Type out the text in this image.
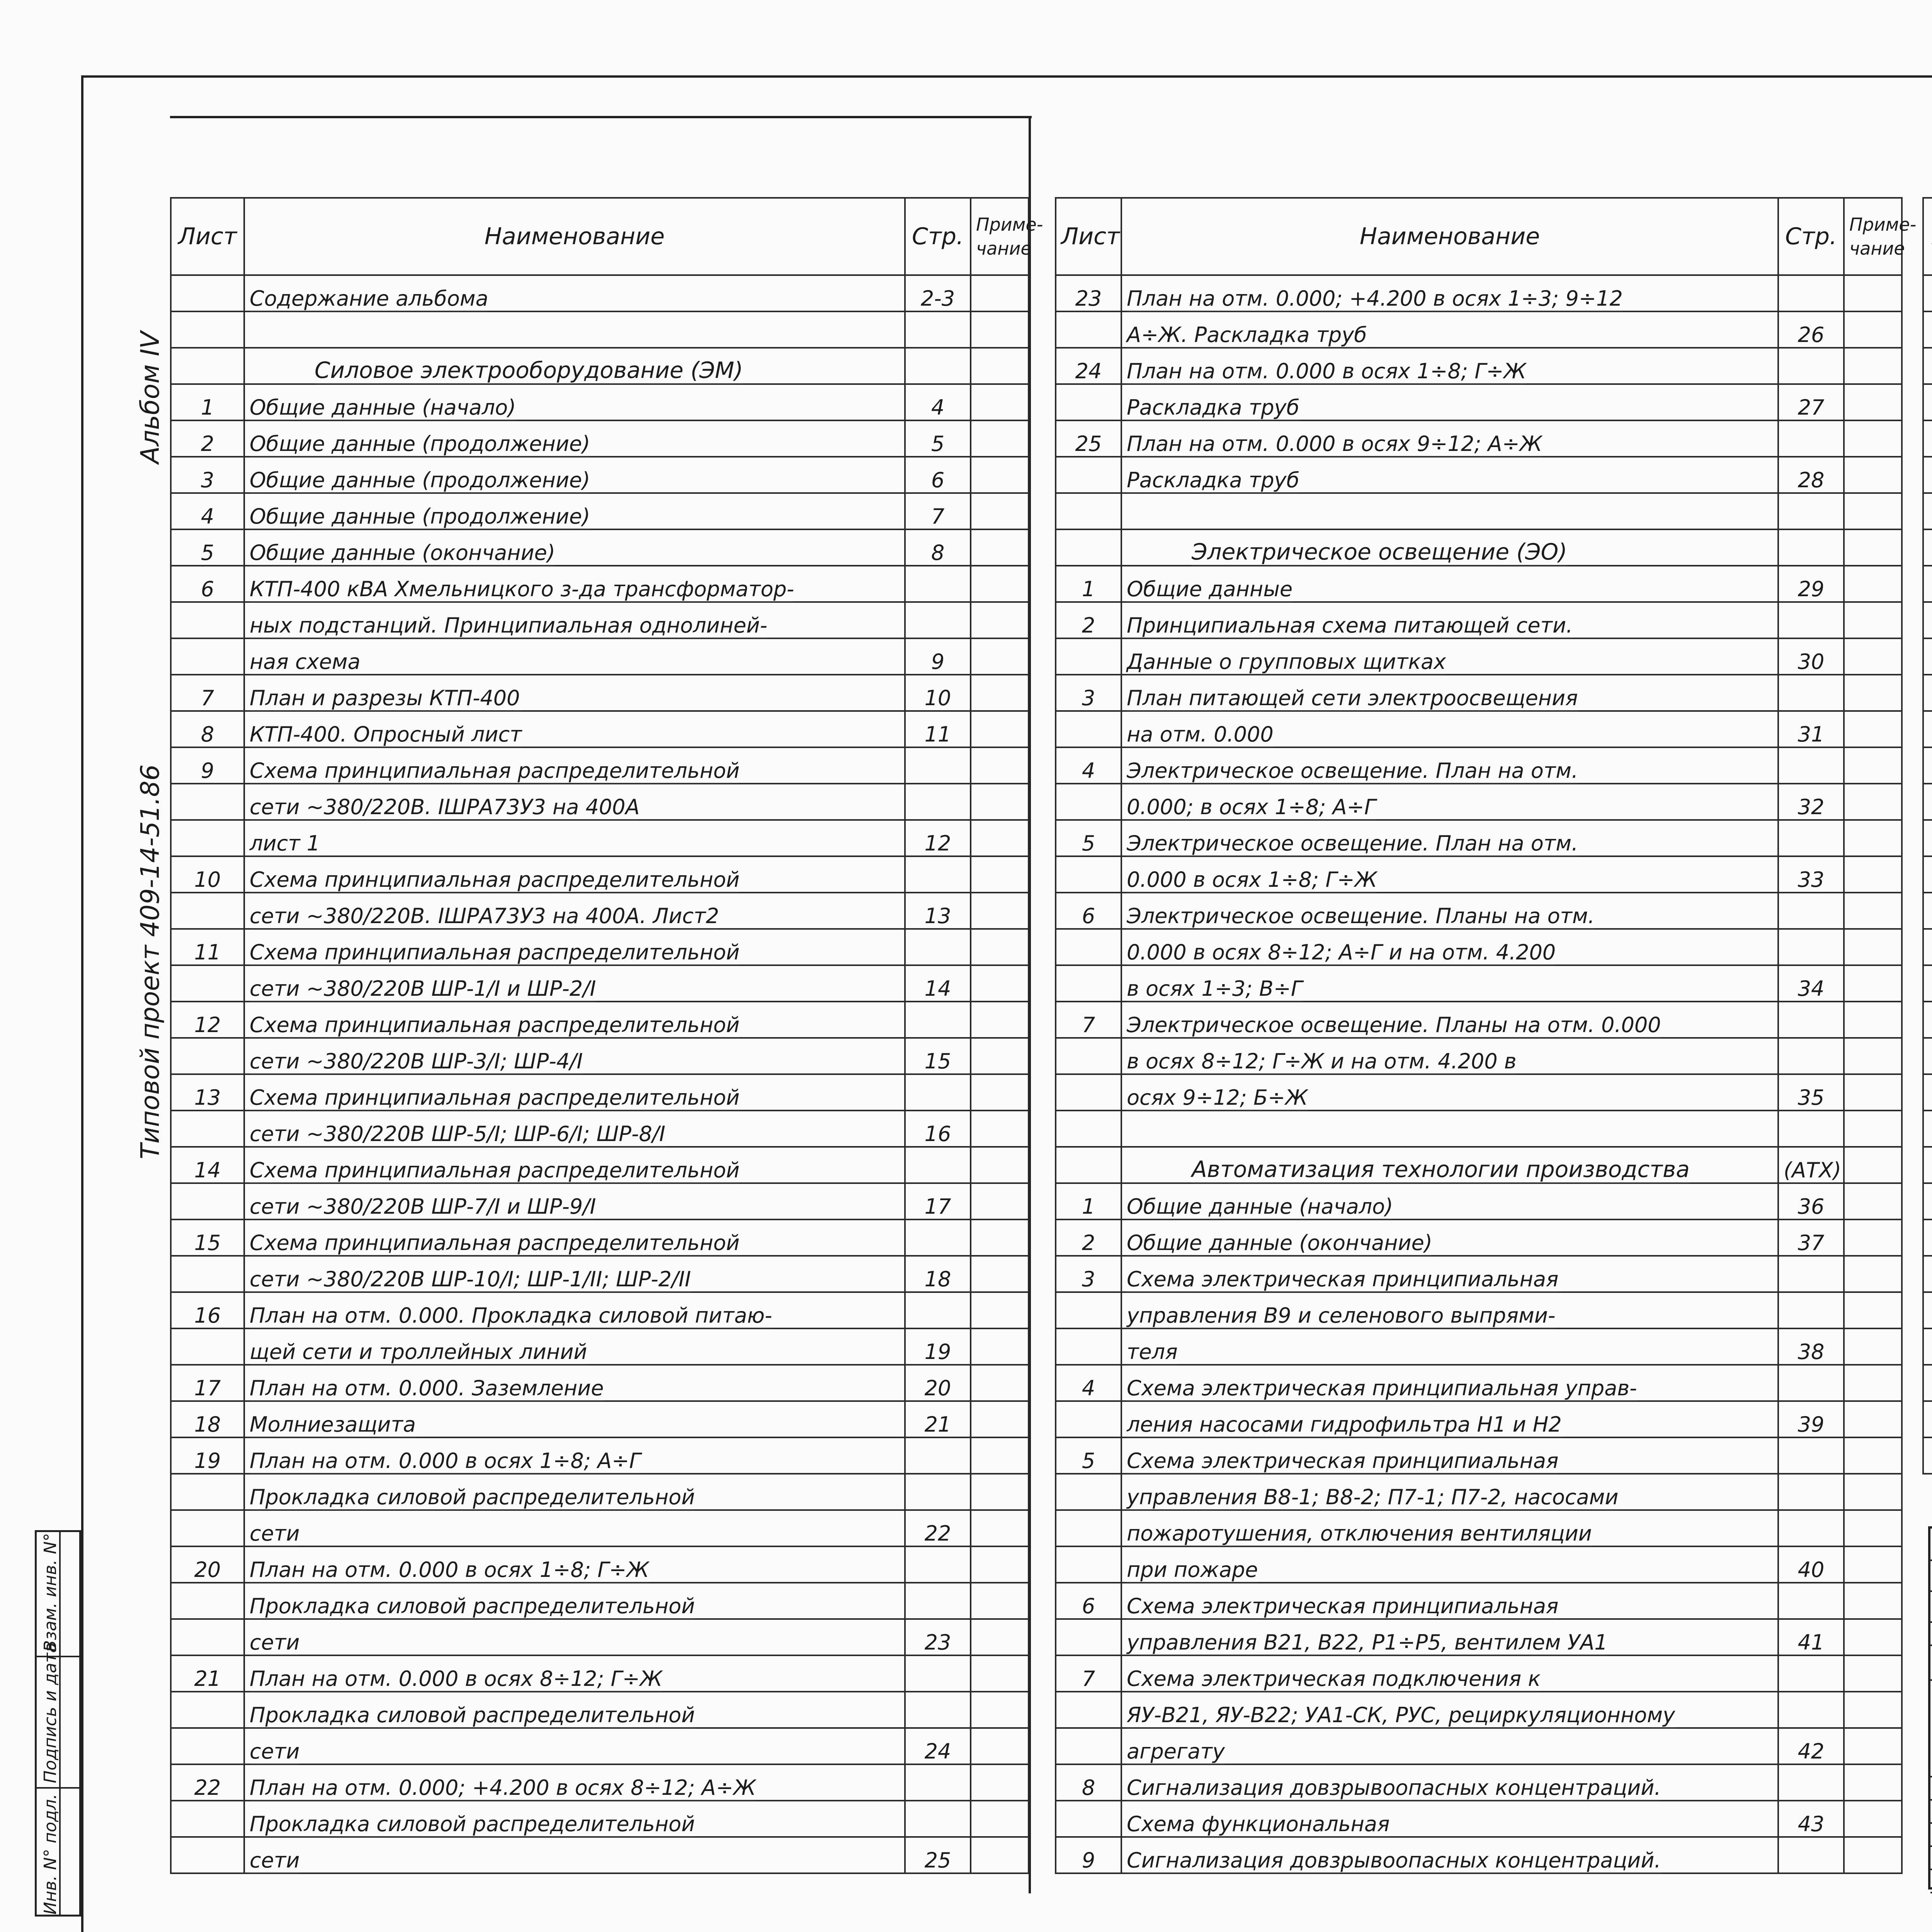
Альбом IV
Типовой проект 409-14-51.86
Лист	Наименование	Стр.	Приме-чание
	Содержание альбома	2-3	

	Силовое электрооборудование (ЭМ)		
1	Общие данные (начало)	4	
2	Общие данные (продолжение)	5	
3	Общие данные (продолжение)	6	
4	Общие данные (продолжение)	7	
5	Общие данные (окончание)	8	
6	КТП-400 кВА Хмельницкого з-да трансформатор-		
	ных подстанций. Принципиальная однолиней-		
	ная схема	9	
7	План и разрезы КТП-400	10	
8	КТП-400. Опросный лист	11	
9	Схема принципиальная распределительной		
	сети ~380/220В. ΙШРА73У3 на 400А		
	лист 1	12	
10	Схема принципиальная распределительной		
	сети ~380/220В. ΙШРА73У3 на 400А. Лист2	13	
11	Схема принципиальная распределительной		
	сети ~380/220В ШР-1/Ι и ШР-2/Ι	14	
12	Схема принципиальная распределительной		
	сети ~380/220В ШР-3/Ι; ШР-4/Ι	15	
13	Схема принципиальная распределительной		
	сети ~380/220В ШР-5/Ι; ШР-6/Ι; ШР-8/Ι	16	
14	Схема принципиальная распределительной		
	сети ~380/220В ШР-7/Ι и ШР-9/Ι	17	
15	Схема принципиальная распределительной		
	сети ~380/220В ШР-10/Ι; ШР-1/ΙΙ; ШР-2/ΙΙ	18	
16	План на отм. 0.000. Прокладка силовой питаю-		
	щей сети и троллейных линий	19	
17	План на отм. 0.000. Заземление	20	
18	Молниезащита	21	
19	План на отм. 0.000 в осях 1÷8; А÷Г		
	Прокладка силовой распределительной		
	сети	22	
20	План на отм. 0.000 в осях 1÷8; Г÷Ж		
	Прокладка силовой распределительной		
	сети	23	
21	План на отм. 0.000 в осях 8÷12; Г÷Ж		
	Прокладка силовой распределительной		
	сети	24	
22	План на отм. 0.000; +4.200 в осях 8÷12; А÷Ж		
	Прокладка силовой распределительной		
	сети	25	
Лист	Наименование	Стр.	Приме-чание
23	План на отм. 0.000; +4.200 в осях 1÷3; 9÷12		
	А÷Ж. Раскладка труб	26	
24	План на отм. 0.000 в осях 1÷8; Г÷Ж		
	Раскладка труб	27	
25	План на отм. 0.000 в осях 9÷12; А÷Ж		
	Раскладка труб	28	

	Электрическое освещение (ЭО)		
1	Общие данные	29	
2	Принципиальная схема питающей сети.		
	Данные о групповых щитках	30	
3	План питающей сети электроосвещения		
	на отм. 0.000	31	
4	Электрическое освещение. План на отм.		
	0.000; в осях 1÷8; А÷Г	32	
5	Электрическое освещение. План на отм.		
	0.000 в осях 1÷8; Г÷Ж	33	
6	Электрическое освещение. Планы на отм.		
	0.000 в осях 8÷12; А÷Г и на отм. 4.200		
	в осях 1÷3; В÷Г	34	
7	Электрическое освещение. Планы на отм. 0.000		
	в осях 8÷12; Г÷Ж и на отм. 4.200 в		
	осях 9÷12; Б÷Ж	35	

	Автоматизация технологии производства	(АТХ)	
1	Общие данные (начало)	36	
2	Общие данные (окончание)	37	
3	Схема электрическая принципиальная		
	управления В9 и селенового выпрями-		
	теля	38	
4	Схема электрическая принципиальная управ-		
	ления насосами гидрофильтра Н1 и Н2	39	
5	Схема электрическая принципиальная		
	управления В8-1; В8-2; П7-1; П7-2, насосами		
	пожаротушения, отключения вентиляции		
	при пожаре	40	
6	Схема электрическая принципиальная		
	управления В21, В22, Р1÷Р5, вентилем УА1	41	
7	Схема электрическая подключения к		
	ЯУ-В21, ЯУ-В22; УА1-СК, РУС, рециркуляционному		
	агрегату	42	
8	Сигнализация довзрывоопасных концентраций.		
	Схема функциональная	43	
9	Сигнализация довзрывоопасных концентраций.		

Инв. N° подл.
Подпись и дата
Взам. инв. N°
